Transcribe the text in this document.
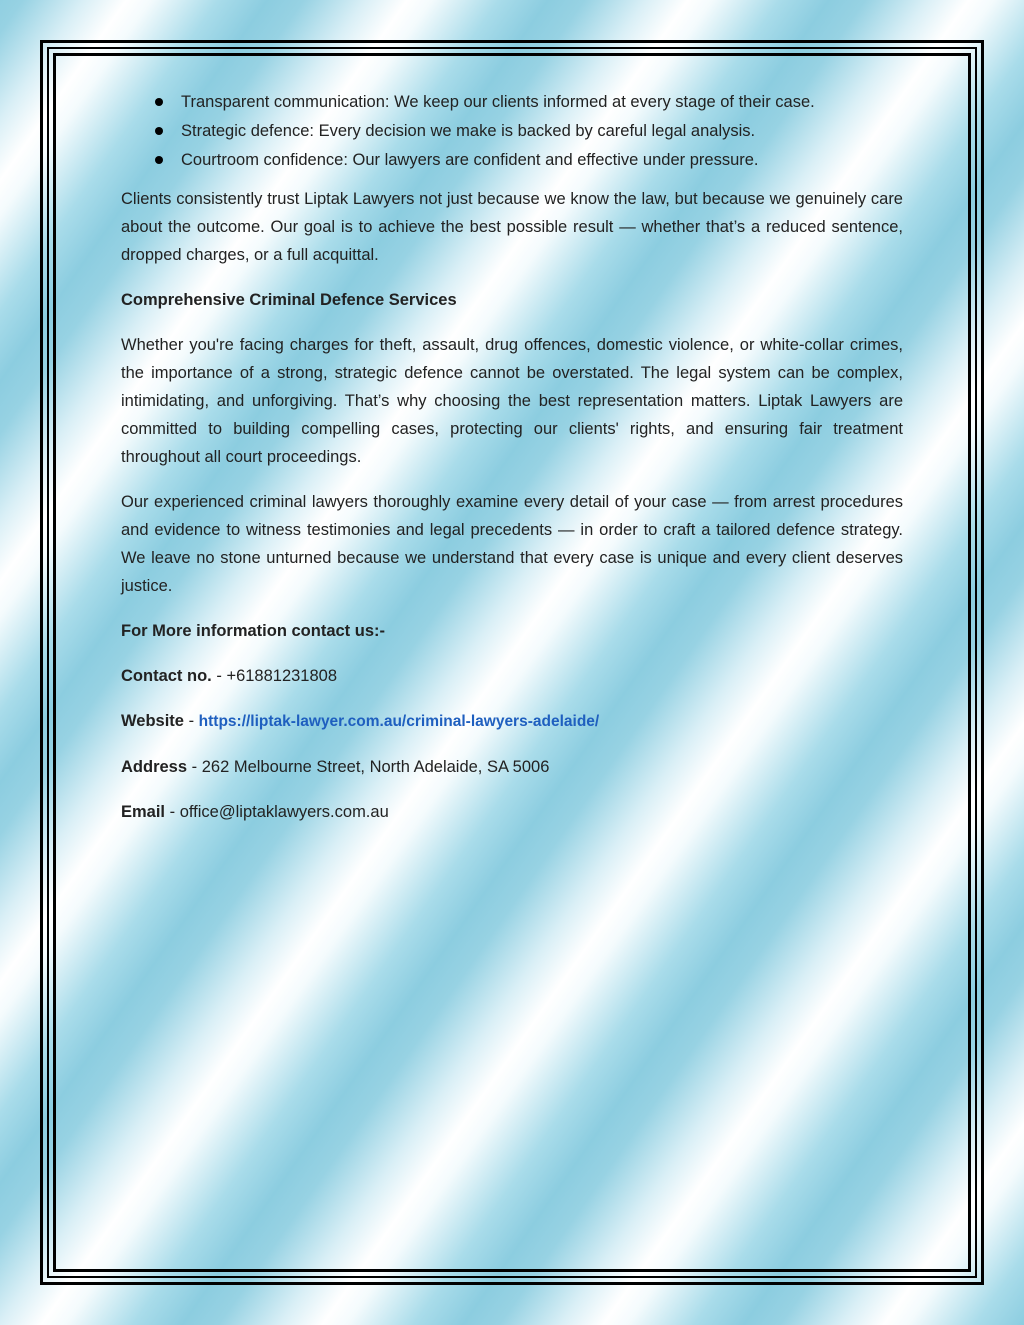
Transparent communication: We keep our clients informed at every stage of their case.
Strategic defence: Every decision we make is backed by careful legal analysis.
Courtroom confidence: Our lawyers are confident and effective under pressure.

Clients consistently trust Liptak Lawyers not just because we know the law, but because we genuinely care about the outcome. Our goal is to achieve the best possible result — whether that’s a reduced sentence, dropped charges, or a full acquittal.

Comprehensive Criminal Defence Services

Whether you're facing charges for theft, assault, drug offences, domestic violence, or white-collar crimes, the importance of a strong, strategic defence cannot be overstated. The legal system can be complex, intimidating, and unforgiving. That’s why choosing the best representation matters. Liptak Lawyers are committed to building compelling cases, protecting our clients' rights, and ensuring fair treatment throughout all court proceedings.

Our experienced criminal lawyers thoroughly examine every detail of your case — from arrest procedures and evidence to witness testimonies and legal precedents — in order to craft a tailored defence strategy. We leave no stone unturned because we understand that every case is unique and every client deserves justice.

For More information contact us:-
Contact no. - +61881231808
Website - https://liptak-lawyer.com.au/criminal-lawyers-adelaide/
Address - 262 Melbourne Street, North Adelaide, SA 5006
Email - office@liptaklawyers.com.au
